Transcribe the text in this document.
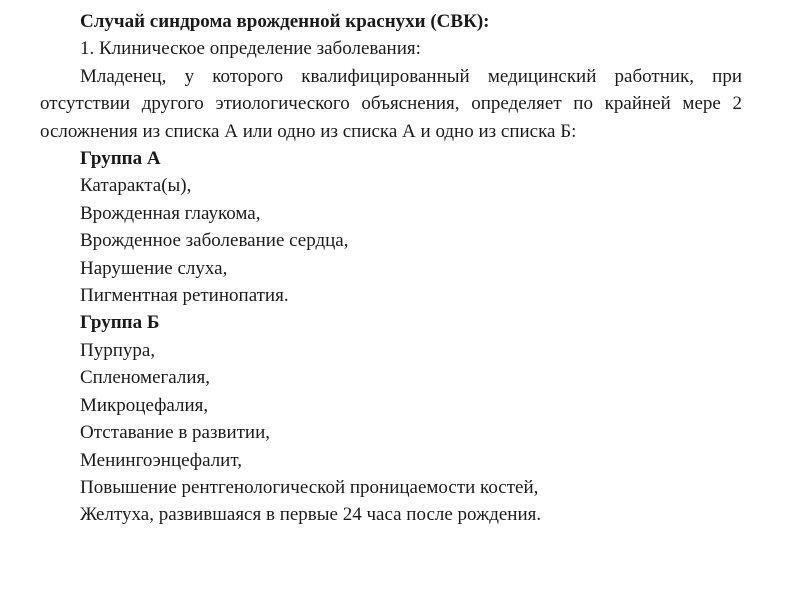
Случай синдрома врожденной краснухи (СВК):

1. Клиническое определение заболевания:

Младенец, у которого квалифицированный медицинский работник, при отсутствии другого этиологического объяснения, определяет по крайней мере 2 осложнения из списка А или одно из списка А и одно из списка Б:

Группа А

Катаракта(ы),
Врожденная глаукома,
Врожденное заболевание сердца,
Нарушение слуха,
Пигментная ретинопатия.

Группа Б

Пурпура,
Спленомегалия,
Микроцефалия,
Отставание в развитии,
Менингоэнцефалит,
Повышение рентгенологической проницаемости костей,
Желтуха, развившаяся в первые 24 часа после рождения.
